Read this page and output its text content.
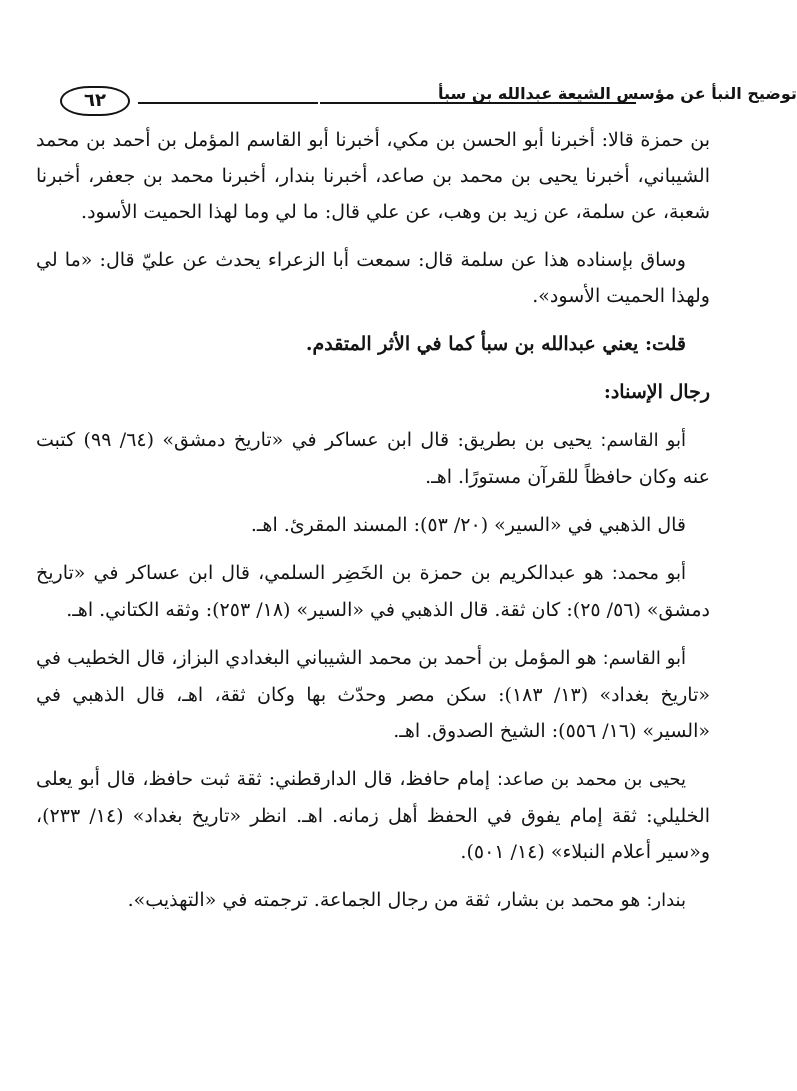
٦٢	توضيح النبأ عن مؤسس الشيعة عبدالله بن سبأ

بن حمزة قالا: أخبرنا أبو الحسن بن مكي، أخبرنا أبو القاسم المؤمل بن أحمد بن محمد الشيباني، أخبرنا يحيى بن محمد بن صاعد، أخبرنا بندار، أخبرنا محمد بن جعفر، أخبرنا شعبة، عن سلمة، عن زيد بن وهب، عن علي قال: ما لي وما لهذا الحميت الأسود.

وساق بإسناده هذا عن سلمة قال: سمعت أبا الزعراء يحدث عن عليّ قال: «ما لي ولهذا الحميت الأسود».

قلت: يعني عبدالله بن سبأ كما في الأثر المتقدم.

رجال الإسناد:

أبو القاسم: يحيى بن بطريق: قال ابن عساكر في «تاريخ دمشق» (٦٤/ ٩٩) كتبت عنه وكان حافظاً للقرآن مستورًا. اهـ.

قال الذهبي في «السير» (٢٠/ ٥٣): المسند المقرئ. اهـ.

أبو محمد: هو عبدالكريم بن حمزة بن الخَضِر السلمي، قال ابن عساكر في «تاريخ دمشق» (٥٦/ ٢٥): كان ثقة. قال الذهبي في «السير» (١٨/ ٢٥٣): وثقه الكتاني. اهـ.

أبو القاسم: هو المؤمل بن أحمد بن محمد الشيباني البغدادي البزاز، قال الخطيب في «تاريخ بغداد» (١٣/ ١٨٣): سكن مصر وحدّث بها وكان ثقة، اهـ، قال الذهبي في «السير» (١٦/ ٥٥٦): الشيخ الصدوق. اهـ.

يحيى بن محمد بن صاعد: إمام حافظ، قال الدارقطني: ثقة ثبت حافظ، قال أبو يعلى الخليلي: ثقة إمام يفوق في الحفظ أهل زمانه. اهـ. انظر «تاريخ بغداد» (١٤/ ٢٣٣)، و«سير أعلام النبلاء» (١٤/ ٥٠١).

بندار: هو محمد بن بشار، ثقة من رجال الجماعة. ترجمته في «التهذيب».
